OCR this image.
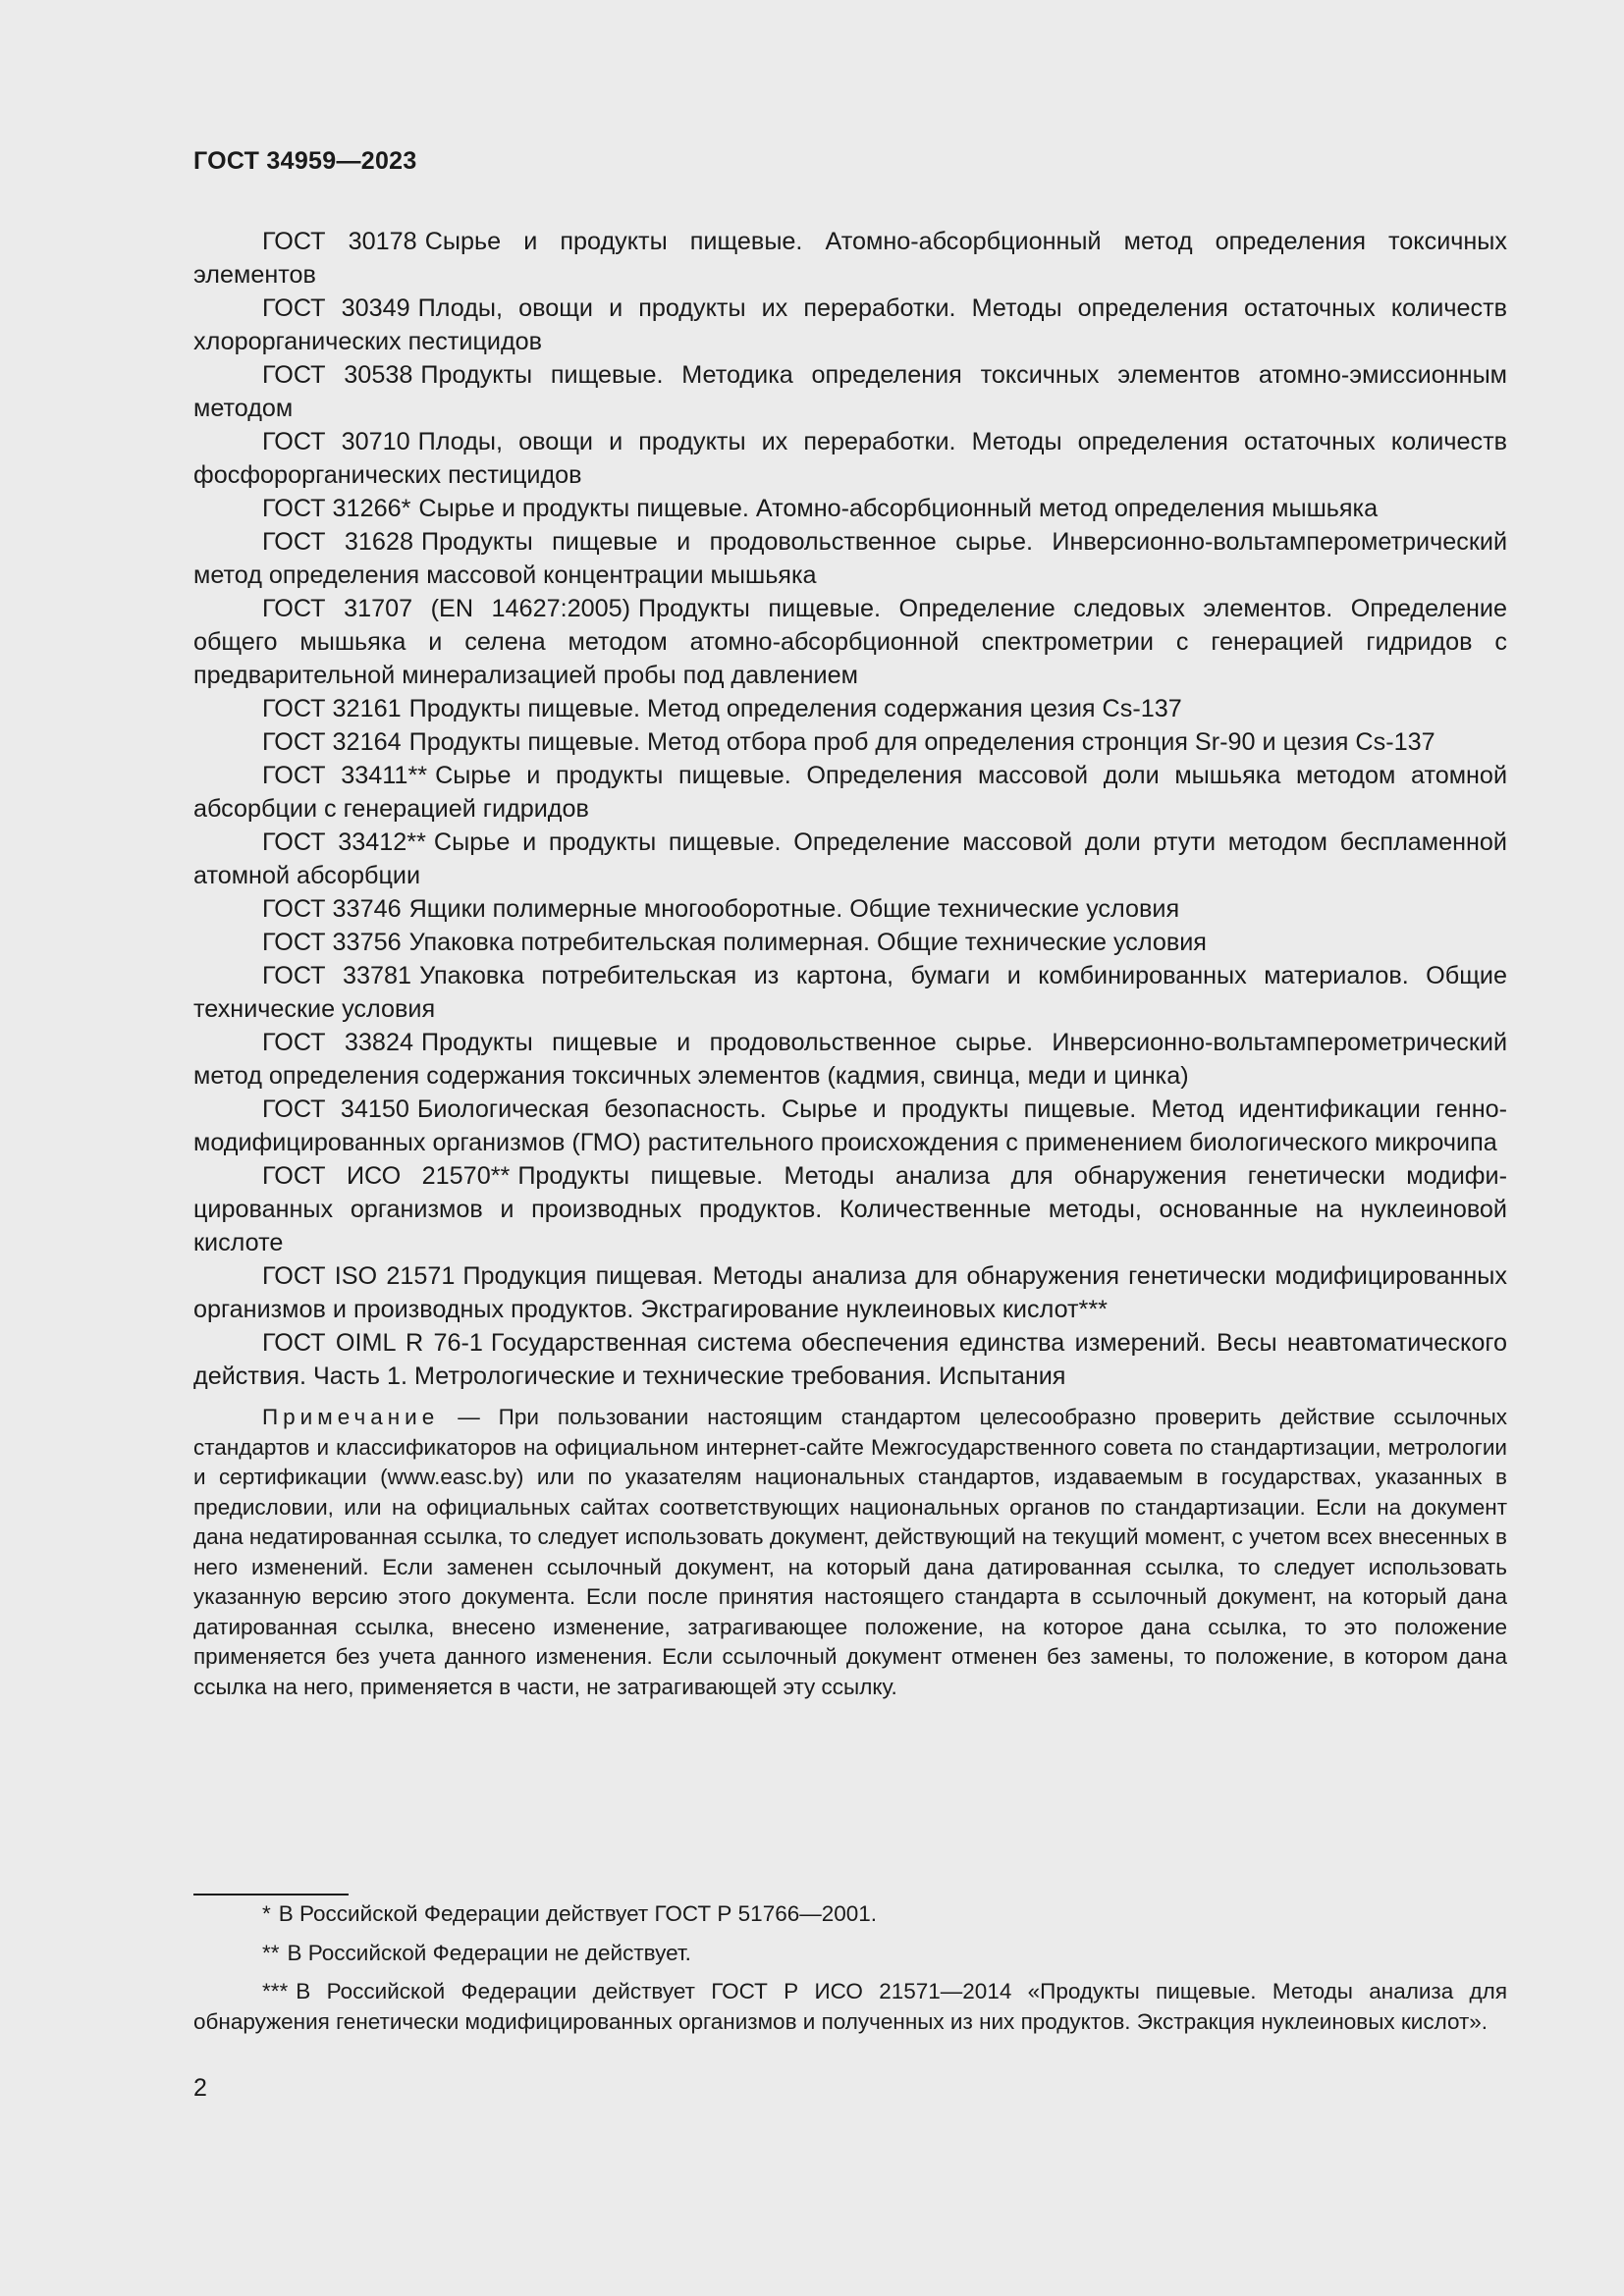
ГОСТ 34959—2023

ГОСТ 30178 Сырье и продукты пищевые. Атомно-абсорбционный метод определения токсичных элементов

ГОСТ 30349 Плоды, овощи и продукты их переработки. Методы определения остаточных количеств хлорорганических пестицидов

ГОСТ 30538 Продукты пищевые. Методика определения токсичных элементов атомно-эмиссионным методом

ГОСТ 30710 Плоды, овощи и продукты их переработки. Методы определения остаточных количеств фосфорорганических пестицидов

ГОСТ 31266* Сырье и продукты пищевые. Атомно-абсорбционный метод определения мышьяка

ГОСТ 31628 Продукты пищевые и продовольственное сырье. Инверсионно-вольтамперометрический метод определения массовой концентрации мышьяка

ГОСТ 31707 (EN 14627:2005) Продукты пищевые. Определение следовых элементов. Определение общего мышьяка и селена методом атомно-абсорбционной спектрометрии с генерацией гидридов с предварительной минерализацией пробы под давлением

ГОСТ 32161 Продукты пищевые. Метод определения содержания цезия Cs-137

ГОСТ 32164 Продукты пищевые. Метод отбора проб для определения стронция Sr-90 и цезия Cs-137

ГОСТ 33411** Сырье и продукты пищевые. Определения массовой доли мышьяка методом атомной абсорбции с генерацией гидридов

ГОСТ 33412** Сырье и продукты пищевые. Определение массовой доли ртути методом беспламенной атомной абсорбции

ГОСТ 33746 Ящики полимерные многооборотные. Общие технические условия

ГОСТ 33756 Упаковка потребительская полимерная. Общие технические условия

ГОСТ 33781 Упаковка потребительская из картона, бумаги и комбинированных материалов. Общие технические условия

ГОСТ 33824 Продукты пищевые и продовольственное сырье. Инверсионно-вольтамперометрический метод определения содержания токсичных элементов (кадмия, свинца, меди и цинка)

ГОСТ 34150 Биологическая безопасность. Сырье и продукты пищевые. Метод идентификации генно-модифицированных организмов (ГМО) растительного происхождения с применением биологического микрочипа

ГОСТ ИСО 21570** Продукты пищевые. Методы анализа для обнаружения генетически модифицированных организмов и производных продуктов. Количественные методы, основанные на нуклеиновой кислоте

ГОСТ ISO 21571 Продукция пищевая. Методы анализа для обнаружения генетически модифицированных организмов и производных продуктов. Экстрагирование нуклеиновых кислот***

ГОСТ OIML R 76-1 Государственная система обеспечения единства измерений. Весы неавтоматического действия. Часть 1. Метрологические и технические требования. Испытания

Примечание — При пользовании настоящим стандартом целесообразно проверить действие ссылочных стандартов и классификаторов на официальном интернет-сайте Межгосударственного совета по стандартизации, метрологии и сертификации (www.easc.by) или по указателям национальных стандартов, издаваемым в государствах, указанных в предисловии, или на официальных сайтах соответствующих национальных органов по стандартизации. Если на документ дана недатированная ссылка, то следует использовать документ, действующий на текущий момент, с учетом всех внесенных в него изменений. Если заменен ссылочный документ, на который дана датированная ссылка, то следует использовать указанную версию этого документа. Если после принятия настоящего стандарта в ссылочный документ, на который дана датированная ссылка, внесено изменение, затрагивающее положение, на которое дана ссылка, то это положение применяется без учета данного изменения. Если ссылочный документ отменен без замены, то положение, в котором дана ссылка на него, применяется в части, не затрагивающей эту ссылку.

* В Российской Федерации действует ГОСТ Р 51766—2001.

** В Российской Федерации не действует.

*** В Российской Федерации действует ГОСТ Р ИСО 21571—2014 «Продукты пищевые. Методы анализа для обнаружения генетически модифицированных организмов и полученных из них продуктов. Экстракция нуклеиновых кислот».

2
